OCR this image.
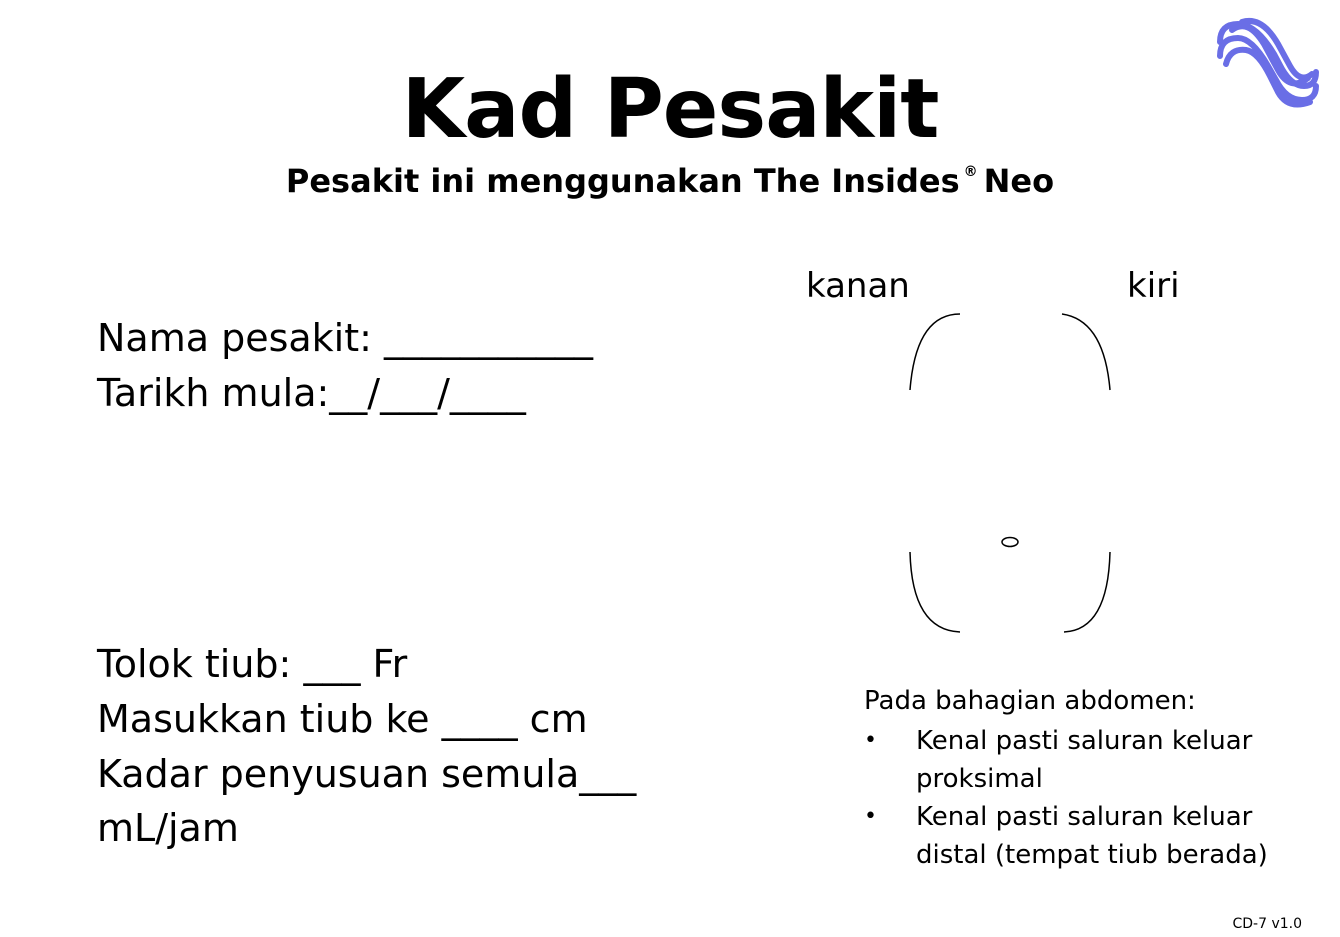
Kad Pesakit
Pesakit ini menggunakan The Insides ® Neo
Nama pesakit: ___________
Tarikh mula:__/___/____
Tolok tiub: ___ Fr
Masukkan tiub ke ____ cm
Kadar penyusuan semula___
mL/jam
kanan	kiri
Pada bahagian abdomen:
• Kenal pasti saluran keluar proksimal
• Kenal pasti saluran keluar distal (tempat tiub berada)
CD-7 v1.0
